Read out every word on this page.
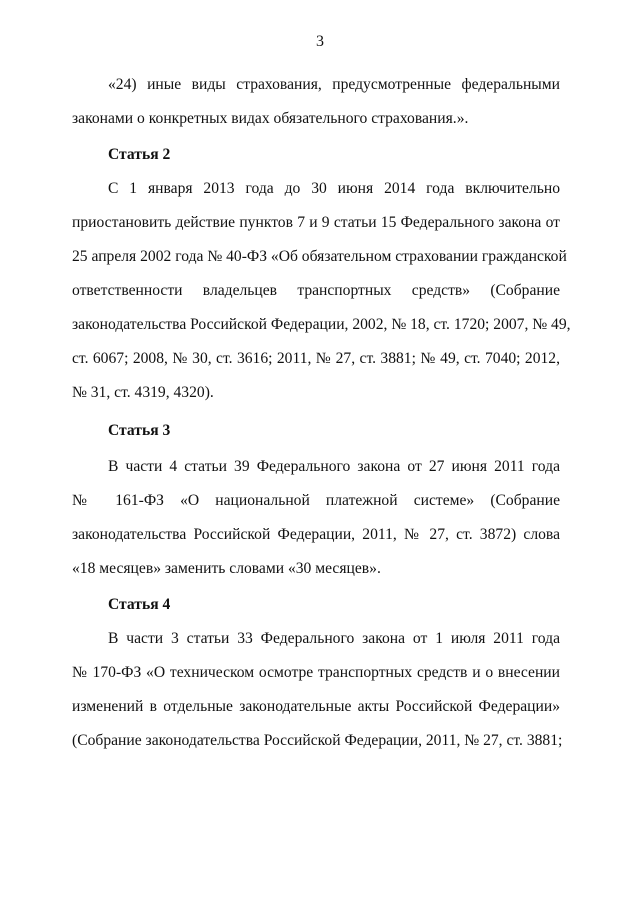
3
«24) иные виды страхования, предусмотренные федеральными
законами о конкретных видах обязательного страхования.».
Статья 2
С 1 января 2013 года до 30 июня 2014 года включительно
приостановить действие пунктов 7 и 9 статьи 15 Федерального закона от
25 апреля 2002 года № 40-ФЗ «Об обязательном страховании гражданской
ответственности владельцев транспортных средств» (Собрание
законодательства Российской Федерации, 2002, № 18, ст. 1720; 2007, № 49,
ст. 6067; 2008, № 30, ст. 3616; 2011, № 27, ст. 3881; № 49, ст. 7040; 2012,
№ 31, ст. 4319, 4320).
Статья 3
В части 4 статьи 39 Федерального закона от 27 июня 2011 года
№ 161-ФЗ «О национальной платежной системе» (Собрание
законодательства Российской Федерации, 2011, № 27, ст. 3872) слова
«18 месяцев» заменить словами «30 месяцев».
Статья 4
В части 3 статьи 33 Федерального закона от 1 июля 2011 года
№ 170-ФЗ «О техническом осмотре транспортных средств и о внесении
изменений в отдельные законодательные акты Российской Федерации»
(Собрание законодательства Российской Федерации, 2011, № 27, ст. 3881;
